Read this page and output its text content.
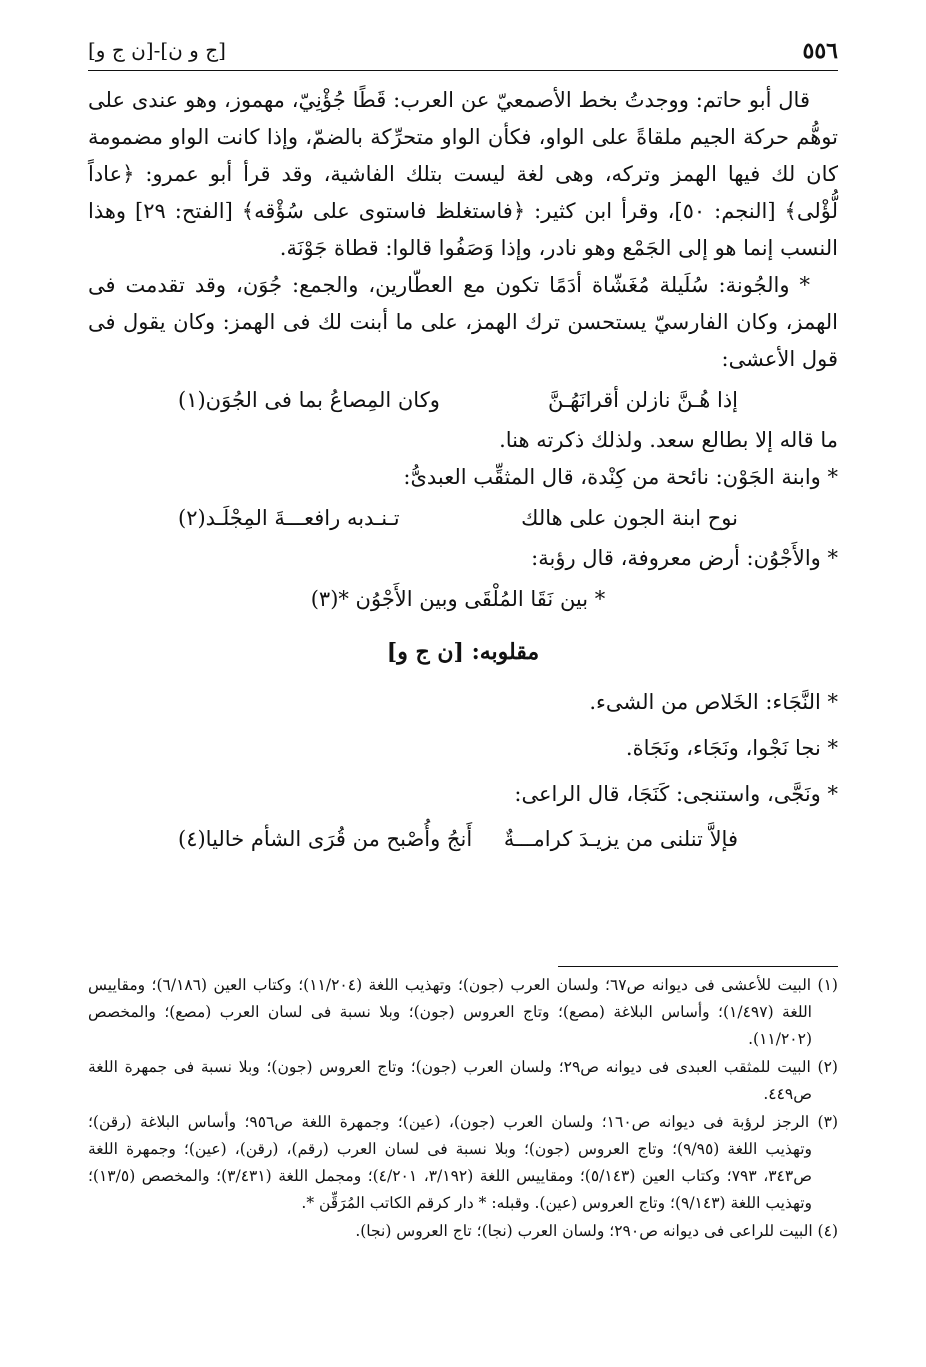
٥٥٦
[ج و ن]-[ن ج و]

قال أبو حاتم: ووجدتُ بخط الأصمعيّ عن العرب: قَطًا جُؤْنِيّ، مهموز، وهو عندى على توهُّم حركة الجيم ملقاةً على الواو، فكأن الواو متحرِّكة بالضمّ، وإذا كانت الواو مضمومة كان لك فيها الهمز وتركه، وهى لغة ليست بتلك الفاشية، وقد قرأ أبو عمرو: ﴿عاداً لُّؤْلى﴾ [النجم: ٥٠]، وقرأ ابن كثير: ﴿فاستغلظ فاستوى على سُؤْقه﴾ [الفتح: ٢٩] وهذا النسب إنما هو إلى الجَمْع وهو نادر، وإذا وَصَفُوا قالوا: قطاة جَوْنَة.

* والجُونة: سُلَيلة مُغَشّاة أدَمًا تكون مع العطّارين، والجمع: جُوَن، وقد تقدمت فى الهمز، وكان الفارسيّ يستحسن ترك الهمز، على ما أبنت لك فى الهمز: وكان يقول فى قول الأعشى:

إذا هُـنَّ نازلن أقرانَهُـنَّ
وكان المِصاعُ بما فى الجُوَن(١)

ما قاله إلا بطالع سعد. ولذلك ذكرته هنا.

* وابنة الجَوْن: نائحة من كِنْدة، قال المثقِّب العبدىُّ:

نوح ابنة الجون على هالك
تـنـدبه رافعـــةَ المِجْلَـد(٢)

* والأَجْوُن: أرض معروفة، قال رؤبة:

* بين نَقَا المُلْقَى وبين الأَجْوُن *(٣)
مقلوبه: [ن ج و]
* النَّجَاء: الخَلاص من الشىء.
* نجا نَجْوا، ونَجَاء، ونَجَاة.
* ونَجَّى، واستنجى: كَنَجَا، قال الراعى:
فإلاَّ تنلنى من يزيـدَ كرامـــةٌ
أَنجُ وأُصْبح من قُرَى الشأم خاليا(٤)

(١) البيت للأعشى فى ديوانه ص٦٧؛ ولسان العرب (جون)؛ وتهذيب اللغة (١١/٢٠٤)؛ وكتاب العين (٦/١٨٦)؛ ومقاييس اللغة (١/٤٩٧)؛ وأساس البلاغة (مصع)؛ وتاج العروس (جون)؛ وبلا نسبة فى لسان العرب (مصع)؛ والمخصص (١١/٢٠٢).

(٢) البيت للمثقب العبدى فى ديوانه ص٢٩؛ ولسان العرب (جون)؛ وتاج العروس (جون)؛ وبلا نسبة فى جمهرة اللغة ص٤٤٩.

(٣) الرجز لرؤبة فى ديوانه ص١٦٠؛ ولسان العرب (جون)، (عين)؛ وجمهرة اللغة ص٩٥٦؛ وأساس البلاغة (رقن)؛ وتهذيب اللغة (٩/٩٥)؛ وتاج العروس (جون)؛ وبلا نسبة فى لسان العرب (رقم)، (رقن)، (عين)؛ وجمهرة اللغة ص٣٤٣، ٧٩٣؛ وكتاب العين (٥/١٤٣)؛ ومقاييس اللغة (٣/١٩٢، ٤/٢٠١)؛ ومجمل اللغة (٣/٤٣١)؛ والمخصص (١٣/٥)؛ وتهذيب اللغة (٩/١٤٣)؛ وتاج العروس (عين). وقبله: * دار كرقم الكاتب المُرَقِّن *.

(٤) البيت للراعى فى ديوانه ص٢٩٠؛ ولسان العرب (نجا)؛ تاج العروس (نجا).
